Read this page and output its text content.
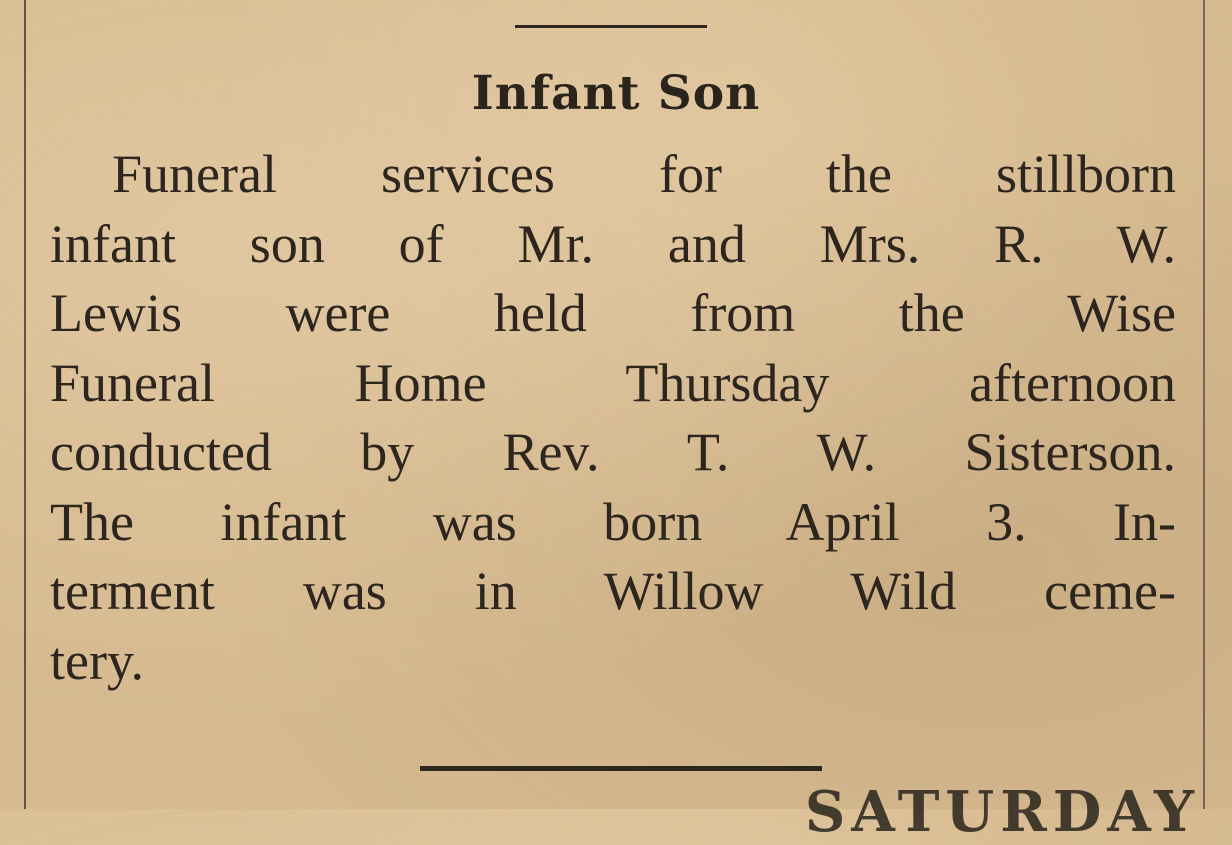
Infant Son
Funeral services for the stillborn
infant son of Mr. and Mrs. R. W.
Lewis were held from the Wise
Funeral Home Thursday afternoon
conducted by Rev. T. W. Sisterson.
The infant was born April 3. In-
terment was in Willow Wild ceme-
tery.
SATURDAY
